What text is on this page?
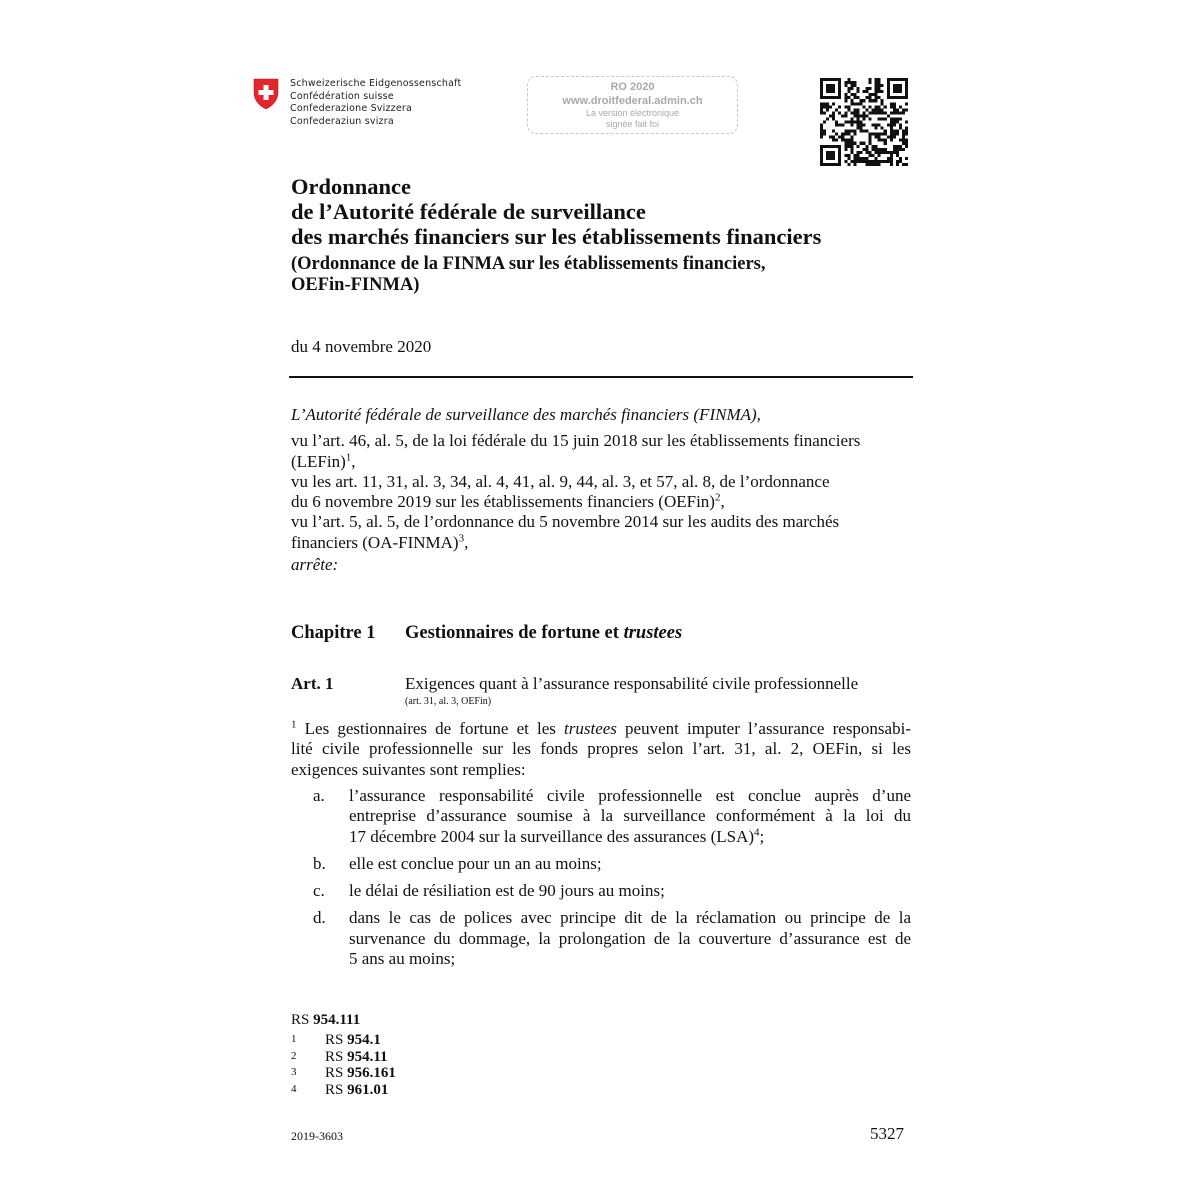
Schweizerische Eidgenossenschaft
Confédération suisse
Confederazione Svizzera
Confederaziun svizra
RO 2020
www.droitfederal.admin.ch
La version électronique
signée fait foi
Ordonnance
de l’Autorité fédérale de surveillance
des marchés financiers sur les établissements financiers
(Ordonnance de la FINMA sur les établissements financiers,
OEFin-FINMA)
du 4 novembre 2020

L’Autorité fédérale de surveillance des marchés financiers (FINMA),

vu l’art. 46, al. 5, de la loi fédérale du 15 juin 2018 sur les établissements financiers

(LEFin)$^1$,

vu les art. 11, 31, al. 3, 34, al. 4, 41, al. 9, 44, al. 3, et 57, al. 8, de l’ordonnance

du 6 novembre 2019 sur les établissements financiers (OEFin)$^2$,

vu l’art. 5, al. 5, de l’ordonnance du 5 novembre 2014 sur les audits des marchés

financiers (OA-FINMA)$^3$,

arrête:

Chapitre 1 Gestionnaires de fortune et trustees
Art. 1	Exigences quant à l’assurance responsabilité civile professionnelle
(art. 31, al. 3, OEFin)
$^1$ Les gestionnaires de fortune et les trustees peuvent imputer l’assurance responsabi-
lité civile professionnelle sur les fonds propres selon l’art. 31, al. 2, OEFin, si les
exigences suivantes sont remplies:
a. l’assurance responsabilité civile professionnelle est conclue auprès d’une
entreprise d’assurance soumise à la surveillance conformément à la loi du
17 décembre 2004 sur la surveillance des assurances (LSA)$^4$;
b. elle est conclue pour un an au moins;
c. le délai de résiliation est de 90 jours au moins;
d. dans le cas de polices avec principe dit de la réclamation ou principe de la
survenance du dommage, la prolongation de la couverture d’assurance est de
5 ans au moins;
RS 954.111
1 RS 954.1
2 RS 954.11
3 RS 956.161
4 RS 961.01
2019-3603	5327
